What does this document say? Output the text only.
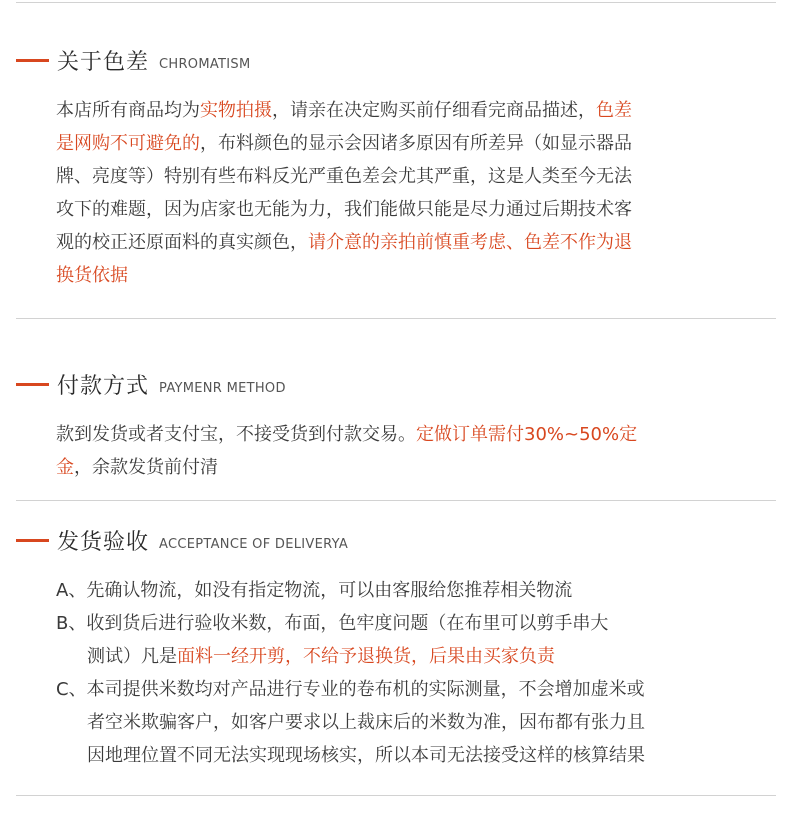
关于色差 CHROMATISM
本店所有商品均为实物拍摄，请亲在决定购买前仔细看完商品描述，色差
是网购不可避免的，布料颜色的显示会因诸多原因有所差异（如显示器品
牌、亮度等）特别有些布料反光严重色差会尤其严重，这是人类至今无法
攻下的难题，因为店家也无能为力，我们能做只能是尽力通过后期技术客
观的校正还原面料的真实颜色，请介意的亲拍前慎重考虑、色差不作为退
换货依据
付款方式 PAYMENR METHOD
款到发货或者支付宝，不接受货到付款交易。定做订单需付30%~50%定
金，余款发货前付清
发货验收 ACCEPTANCE OF DELIVERYA
A、先确认物流，如没有指定物流，可以由客服给您推荐相关物流
B、收到货后进行验收米数，布面，色牢度问题（在布里可以剪手串大
测试）凡是面料一经开剪，不给予退换货，后果由买家负责
C、本司提供米数均对产品进行专业的卷布机的实际测量，不会增加虚米或
者空米欺骗客户，如客户要求以上裁床后的米数为准，因布都有张力且
因地理位置不同无法实现现场核实，所以本司无法接受这样的核算结果
